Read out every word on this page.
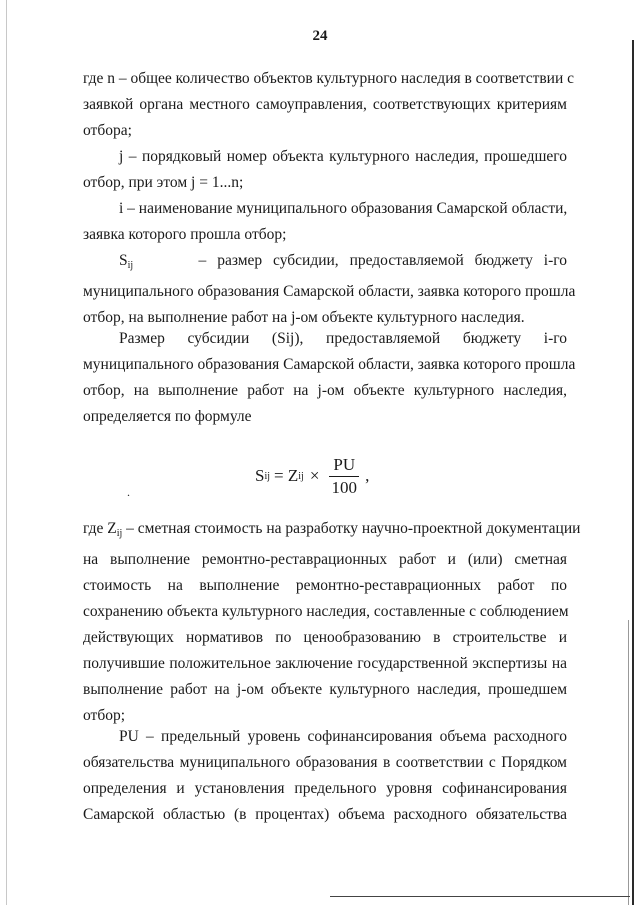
24
где n – общее количество объектов культурного наследия в соответствии с
заявкой органа местного самоуправления, соответствующих критериям
отбора;
j – порядковый номер объекта культурного наследия, прошедшего
отбор, при этом j = 1...n;
i – наименование муниципального образования Самарской области,
заявка которого прошла отбор;
$S_{ij}$	– размер субсидии, предоставляемой бюджету i-го
муниципального образования Самарской области, заявка которого прошла
отбор, на выполнение работ на j-ом объекте культурного наследия.
Размер субсидии (Sij), предоставляемой бюджету i-го
муниципального образования Самарской области, заявка которого прошла
отбор, на выполнение работ на j-ом объекте культурного наследия,
определяется по формуле
.
S ij = Z ij × $\frac{PU}{100}$ ,
где $Z_{ij}$ – сметная стоимость на разработку научно-проектной документации
на выполнение ремонтно-реставрационных работ и (или) сметная
стоимость на выполнение ремонтно-реставрационных работ по
сохранению объекта культурного наследия, составленные с соблюдением
действующих нормативов по ценообразованию в строительстве и
получившие положительное заключение государственной экспертизы на
выполнение работ на j-ом объекте культурного наследия, прошедшем
отбор;
PU – предельный уровень софинансирования объема расходного
обязательства муниципального образования в соответствии с Порядком
определения и установления предельного уровня софинансирования
Самарской областью (в процентах) объема расходного обязательства
